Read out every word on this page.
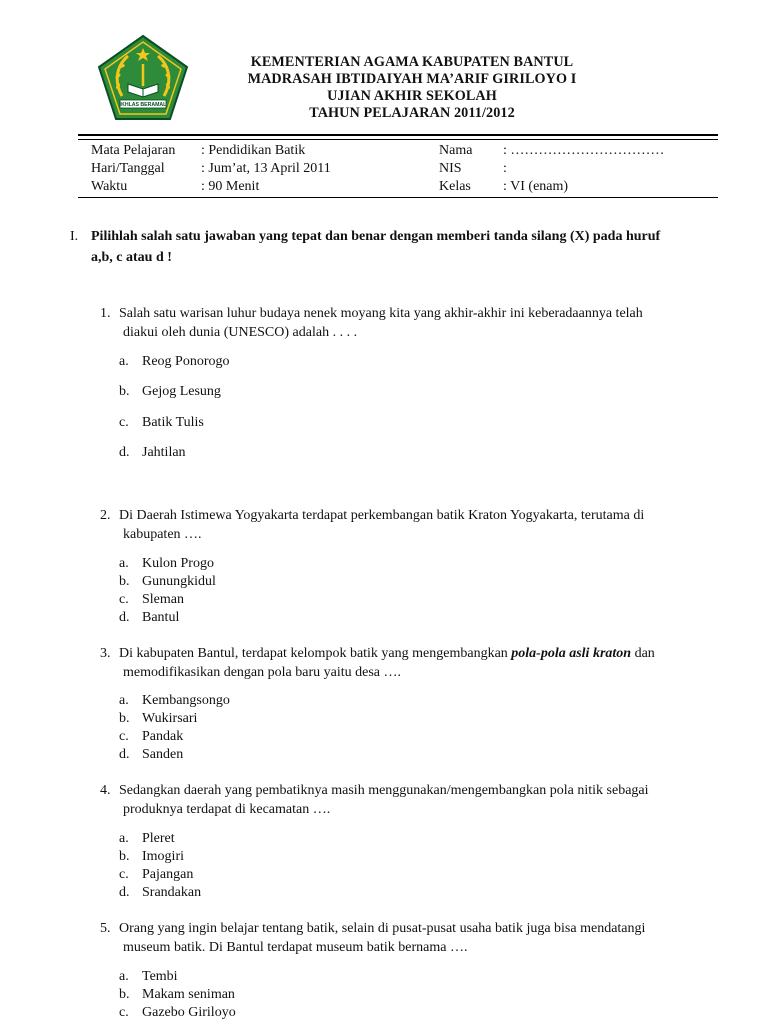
IKHLAS BERAMAL
KEMENTERIAN AGAMA KABUPATEN BANTUL
MADRASAH IBTIDAIYAH MA’ARIF GIRILOYO I
UJIAN AKHIR SEKOLAH
TAHUN PELAJARAN 2011/2012
Mata Pelajaran
Hari/Tanggal
Waktu
: Pendidikan Batik
: Jum’at, 13 April 2011
: 90 Menit
Nama
NIS
Kelas
: ……………………………
:
: VI (enam)
I. Pilihlah salah satu jawaban yang tepat dan benar dengan memberi tanda silang (X) pada huruf
a,b, c atau d !
1. Salah satu warisan luhur budaya nenek moyang kita yang akhir-akhir ini keberadaannya telah
diakui oleh dunia (UNESCO) adalah . . . .
a. Reog Ponorogo
b. Gejog Lesung
c. Batik Tulis
d. Jahtilan
2. Di Daerah Istimewa Yogyakarta terdapat perkembangan batik Kraton Yogyakarta, terutama di
kabupaten ….
a. Kulon Progo
b. Gunungkidul
c. Sleman
d. Bantul
3. Di kabupaten Bantul, terdapat kelompok batik yang mengembangkan pola-pola asli kraton dan
memodifikasikan dengan pola baru yaitu desa ….
a. Kembangsongo
b. Wukirsari
c. Pandak
d. Sanden
4. Sedangkan daerah yang pembatiknya masih menggunakan/mengembangkan pola nitik sebagai
produknya terdapat di kecamatan ….
a. Pleret
b. Imogiri
c. Pajangan
d. Srandakan
5. Orang yang ingin belajar tentang batik, selain di pusat-pusat usaha batik juga bisa mendatangi
museum batik. Di Bantul terdapat museum batik bernama ….
a. Tembi
b. Makam seniman
c. Gazebo Giriloyo
